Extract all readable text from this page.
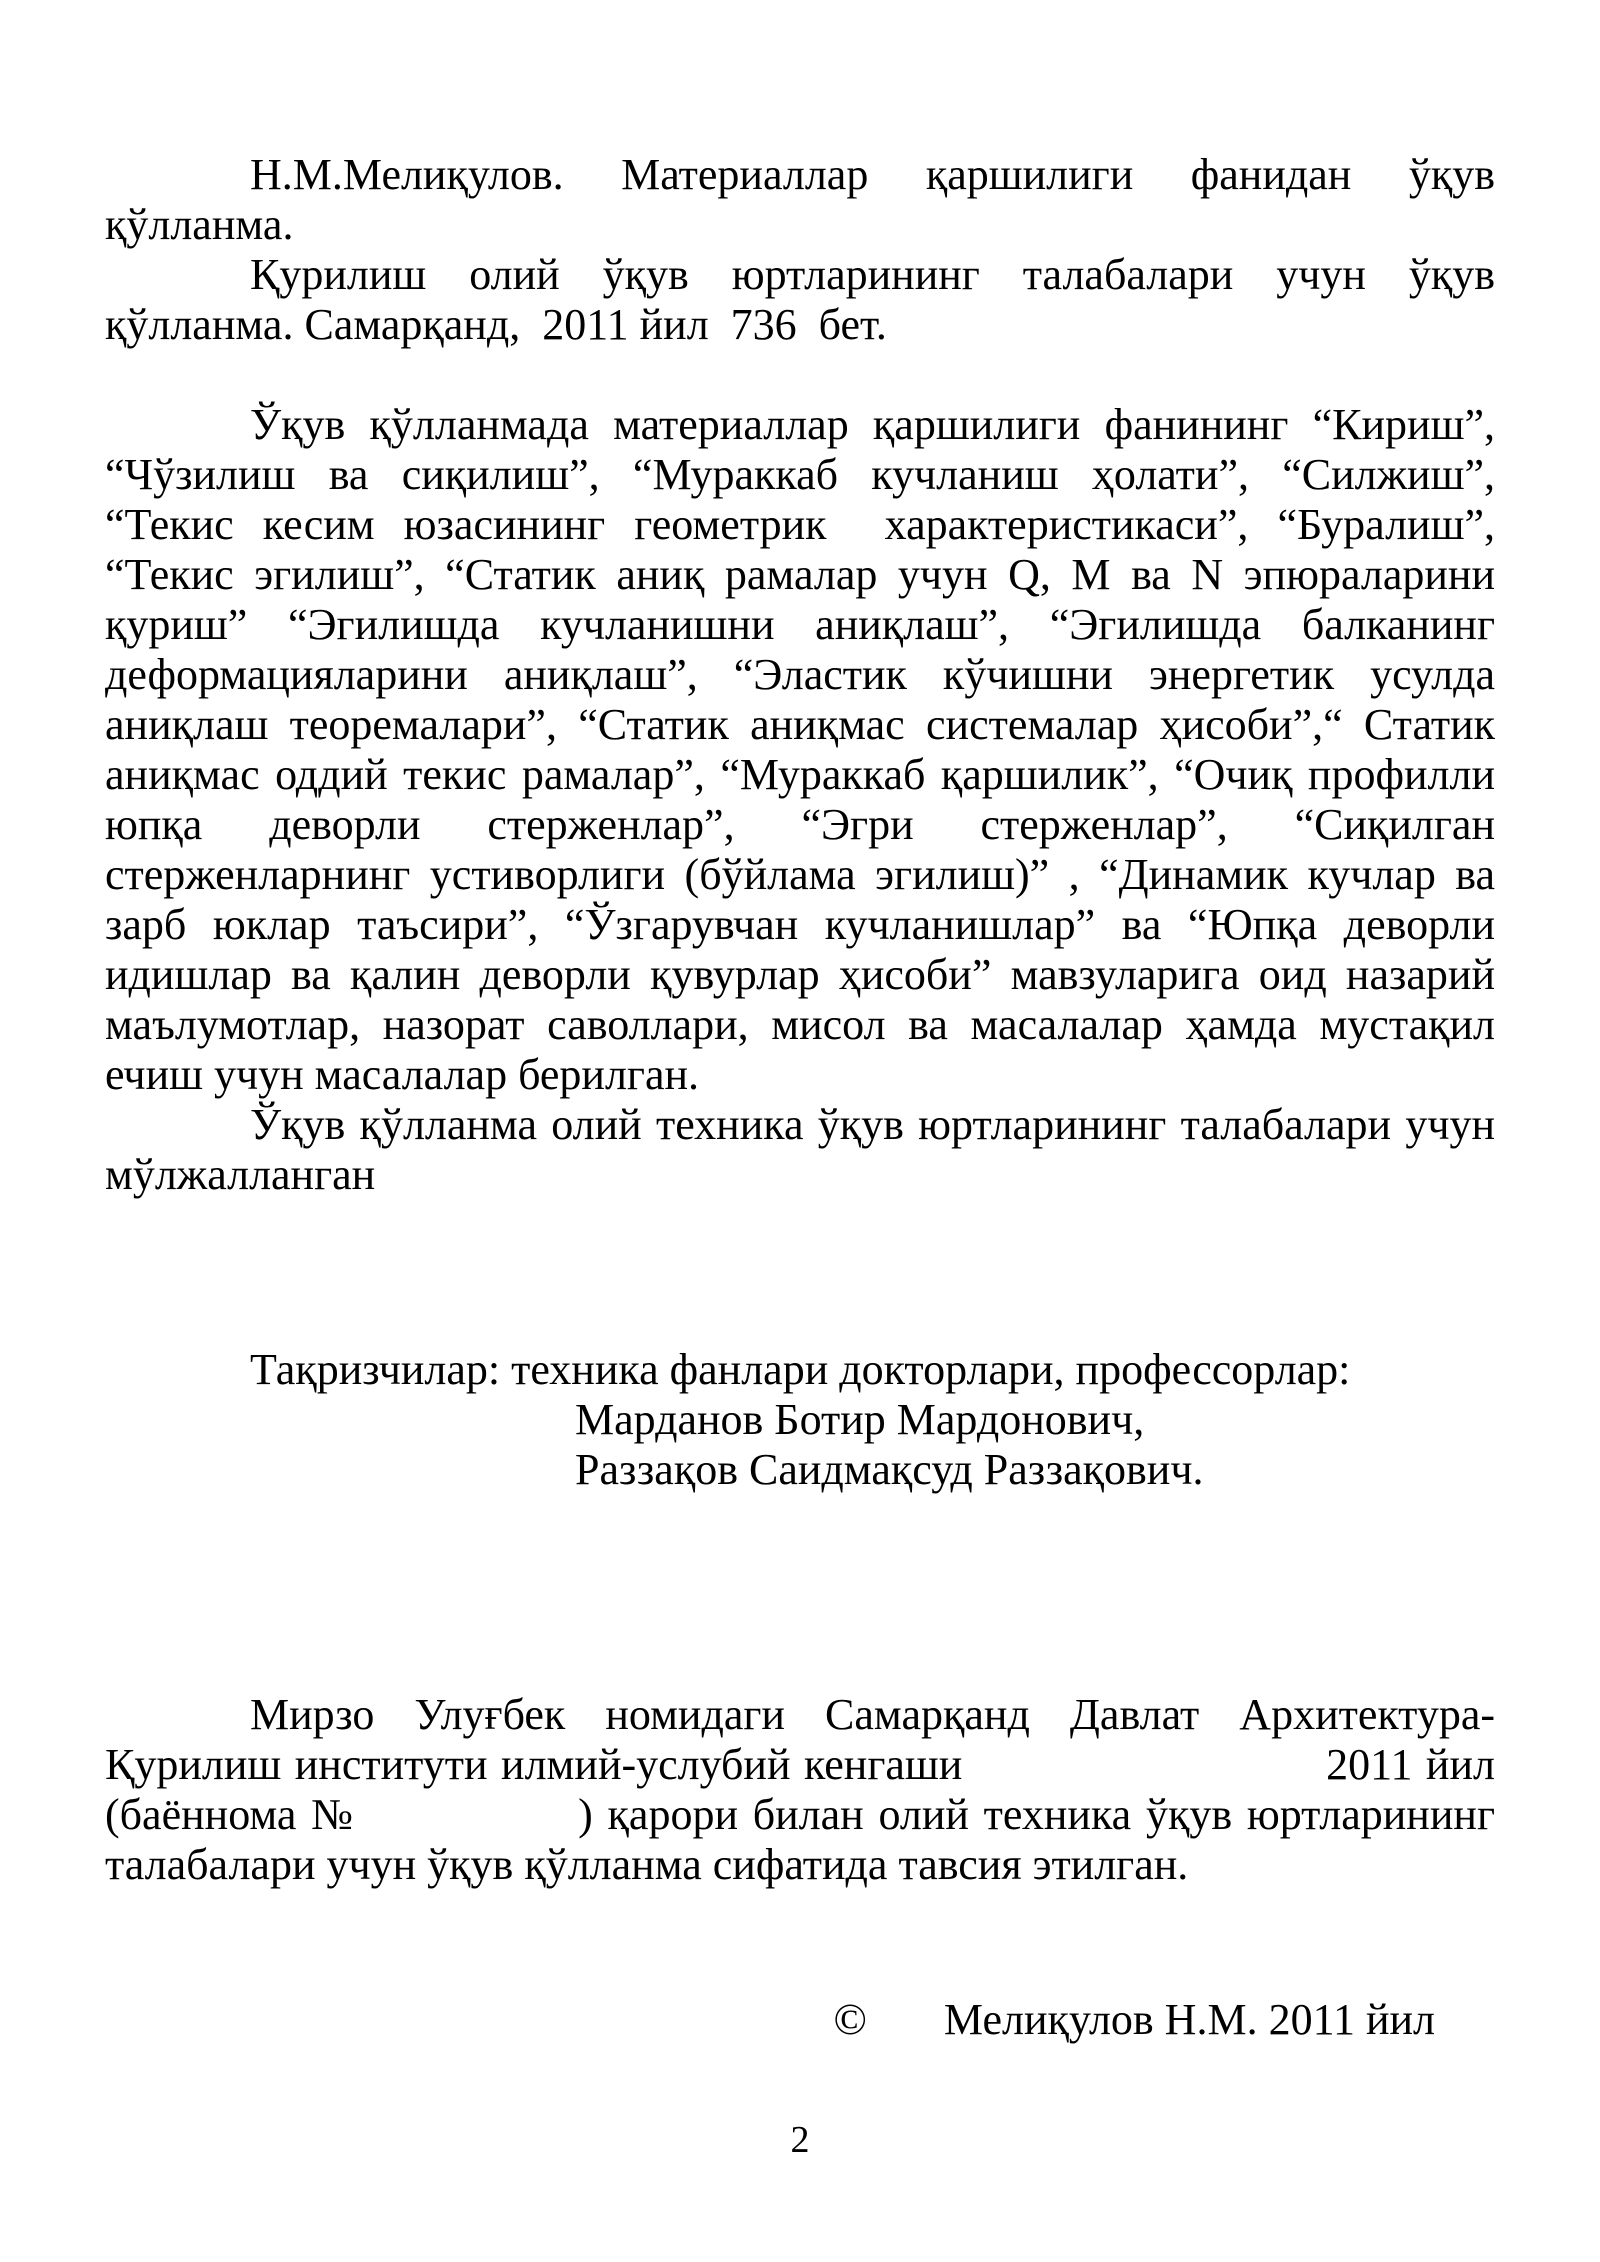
Н.М.Мелиқулов. Материаллар қаршилиги фанидан ўқув қўлланма.

Қурилиш олий ўқув юртларининг талабалари учун ўқув қўлланма. Самарқанд,  2011 йил  736  бет.

Ўқув қўлланмада материаллар қаршилиги фанининг “Кириш”, “Чўзилиш ва сиқилиш”, “Мураккаб кучланиш ҳолати”, “Силжиш”, “Текис кесим юзасининг геометрик  характеристикаси”, “Буралиш”, “Текис эгилиш”, “Статик аниқ рамалар учун Q, М ва N эпюраларини қуриш” “Эгилишда кучланишни аниқлаш”, “Эгилишда балканинг деформацияларини аниқлаш”, “Эластик кўчишни энергетик усулда аниқлаш теоремалари”, “Статик аниқмас системалар ҳисоби”,“ Статик аниқмас оддий текис рамалар”, “Мураккаб қаршилик”, “Очиқ профилли юпқа деворли стерженлар”, “Эгри стерженлар”, “Сиқилган стерженларнинг устиворлиги (бўйлама эгилиш)” , “Динамик кучлар ва зарб юклар таъсири”, “Ўзгарувчан кучланишлар” ва “Юпқа деворли идишлар ва қалин деворли қувурлар ҳисоби” мавзуларига оид назарий маълумотлар, назорат саволлари, мисол ва масалалар ҳамда мустақил ечиш учун масалалар берилган.

Ўқув қўлланма олий техника ўқув юртларининг талабалари учун мўлжалланган

Тақризчилар: техника фанлари докторлари, профессорлар:

Марданов Ботир Мардонович,

Раззақов Саидмақсуд Раззақович.

Мирзо Улуғбек номидаги Самарқанд Давлат Архитектура-Қурилиш институти илмий-услубий кенгаши                           2011 йил (баённома №               ) қарори билан олий техника ўқув юртларининг талабалари учун ўқув қўлланма сифатида тавсия этилган.

©       Мелиқулов Н.М. 2011 йил

2
